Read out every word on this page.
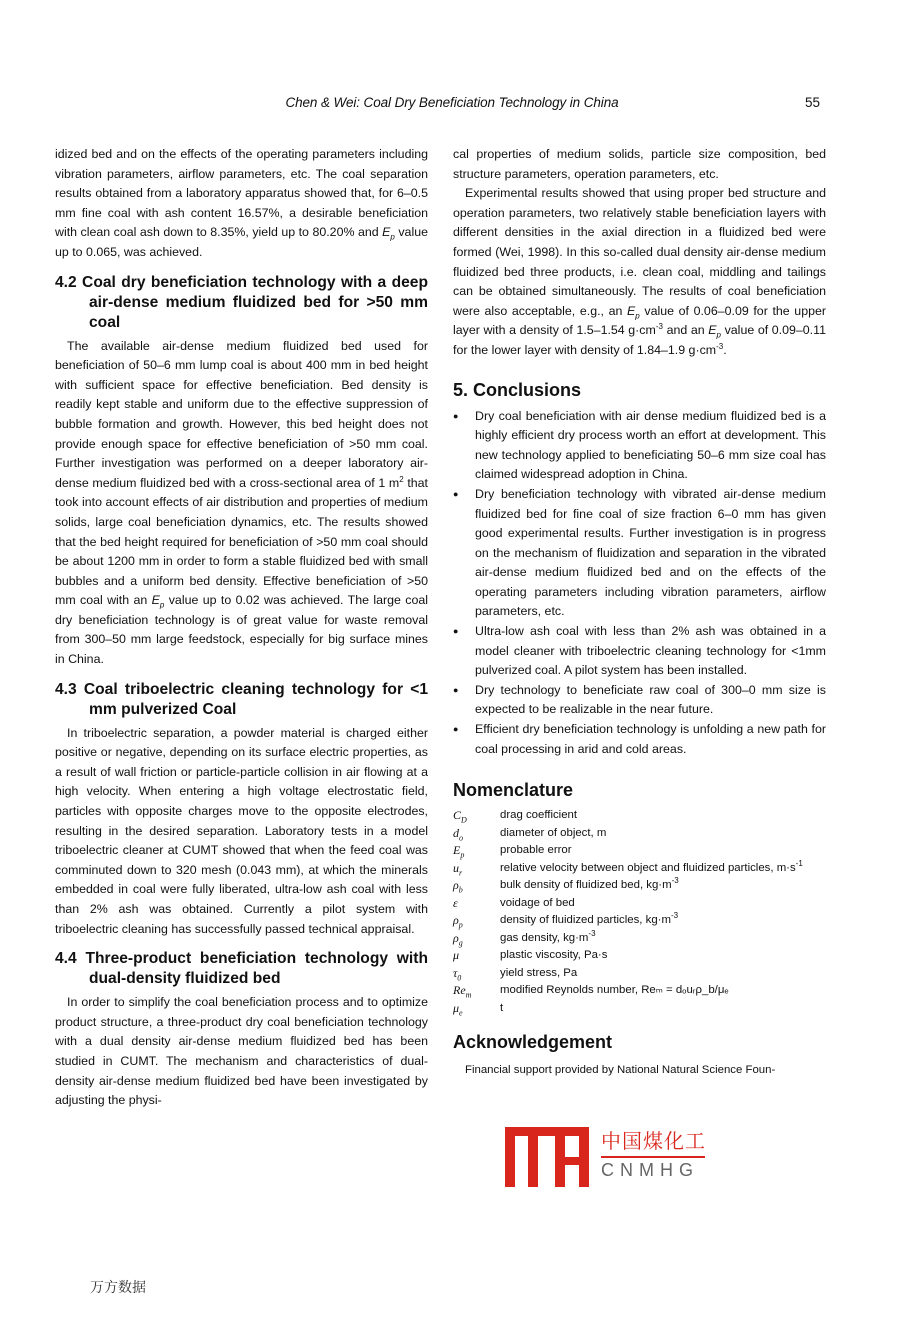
Chen & Wei: Coal Dry Beneficiation Technology in China	55

idized bed and on the effects of the operating parameters including vibration parameters, airflow parameters, etc. The coal separation results obtained from a laboratory apparatus showed that, for 6–0.5 mm fine coal with ash content 16.57%, a desirable beneficiation with clean coal ash down to 8.35%, yield up to 80.20% and $E_p$ value up to 0.065, was achieved.

4.2 Coal dry beneficiation technology with a deep air-dense medium fluidized bed for >50 mm coal

The available air-dense medium fluidized bed used for beneficiation of 50–6 mm lump coal is about 400 mm in bed height with sufficient space for effective beneficiation. Bed density is readily kept stable and uniform due to the effective suppression of bubble formation and growth. However, this bed height does not provide enough space for effective beneficiation of >50 mm coal. Further investigation was performed on a deeper laboratory air-dense medium fluidized bed with a cross-sectional area of 1 $m^2$ that took into account effects of air distribution and properties of medium solids, large coal beneficiation dynamics, etc. The results showed that the bed height required for beneficiation of >50 mm coal should be about 1200 mm in order to form a stable fluidized bed with small bubbles and a uniform bed density. Effective beneficiation of >50 mm coal with an $E_p$ value up to 0.02 was achieved. The large coal dry beneficiation technology is of great value for waste removal from 300–50 mm large feedstock, especially for big surface mines in China.

4.3 Coal triboelectric cleaning technology for <1 mm pulverized Coal

In triboelectric separation, a powder material is charged either positive or negative, depending on its surface electric properties, as a result of wall friction or particle-particle collision in air flowing at a high velocity. When entering a high voltage electrostatic field, particles with opposite charges move to the opposite electrodes, resulting in the desired separation. Laboratory tests in a model triboelectric cleaner at CUMT showed that when the feed coal was comminuted down to 320 mesh (0.043 mm), at which the minerals embedded in coal were fully liberated, ultra-low ash coal with less than 2% ash was obtained. Currently a pilot system with triboelectric cleaning has successfully passed technical appraisal.

4.4 Three-product beneficiation technology with dual-density fluidized bed

In order to simplify the coal beneficiation process and to optimize product structure, a three-product dry coal beneficiation technology with a dual density air-dense medium fluidized bed has been studied in CUMT. The mechanism and characteristics of dual-density air-dense medium fluidized bed have been investigated by adjusting the physi-

cal properties of medium solids, particle size composition, bed structure parameters, operation parameters, etc.

Experimental results showed that using proper bed structure and operation parameters, two relatively stable beneficiation layers with different densities in the axial direction in a fluidized bed were formed (Wei, 1998). In this so-called dual density air-dense medium fluidized bed three products, i.e. clean coal, middling and tailings can be obtained simultaneously. The results of coal beneficiation were also acceptable, e.g., an $E_p$ value of 0.06–0.09 for the upper layer with a density of 1.5–1.54 $g\cdot cm^{-3}$ and an $E_p$ value of 0.09–0.11 for the lower layer with density of 1.84–1.9 $g\cdot cm^{-3}$.

5. Conclusions
● Dry coal beneficiation with air dense medium fluidized bed is a highly efficient dry process worth an effort at development. This new technology applied to beneficiating 50–6 mm size coal has claimed widespread adoption in China.
● Dry beneficiation technology with vibrated air-dense medium fluidized bed for fine coal of size fraction 6–0 mm has given good experimental results. Further investigation is in progress on the mechanism of fluidization and separation in the vibrated air-dense medium fluidized bed and on the effects of the operating parameters including vibration parameters, airflow parameters, etc.
● Ultra-low ash coal with less than 2% ash was obtained in a model cleaner with triboelectric cleaning technology for <1mm pulverized coal. A pilot system has been installed.
● Dry technology to beneficiate raw coal of 300–0 mm size is expected to be realizable in the near future.
● Efficient dry beneficiation technology is unfolding a new path for coal processing in arid and cold areas.
Nomenclature
$C_D$	drag coefficient
$d_o$	diameter of object, m
$E_p$	probable error
$u_r$	relative velocity between object and fluidized particles, $m\cdot s^{-1}$
$\rho_b$	bulk density of fluidized bed, $kg\cdot m^{-3}$
ε	voidage of bed
$\rho_p$	density of fluidized particles, $kg\cdot m^{-3}$
$\rho_g$	gas density, $kg\cdot m^{-3}$
μ	plastic viscosity, Pa·s
$\tau_0$	yield stress, Pa
$Re_m$	modified Reynolds number, Reₘ = dₒuᵣρ_b/μₑ
$\mu_e$	t
Acknowledgement

Financial support provided by National Natural Science Foun-

中国煤化工
CNMHG
万方数据
